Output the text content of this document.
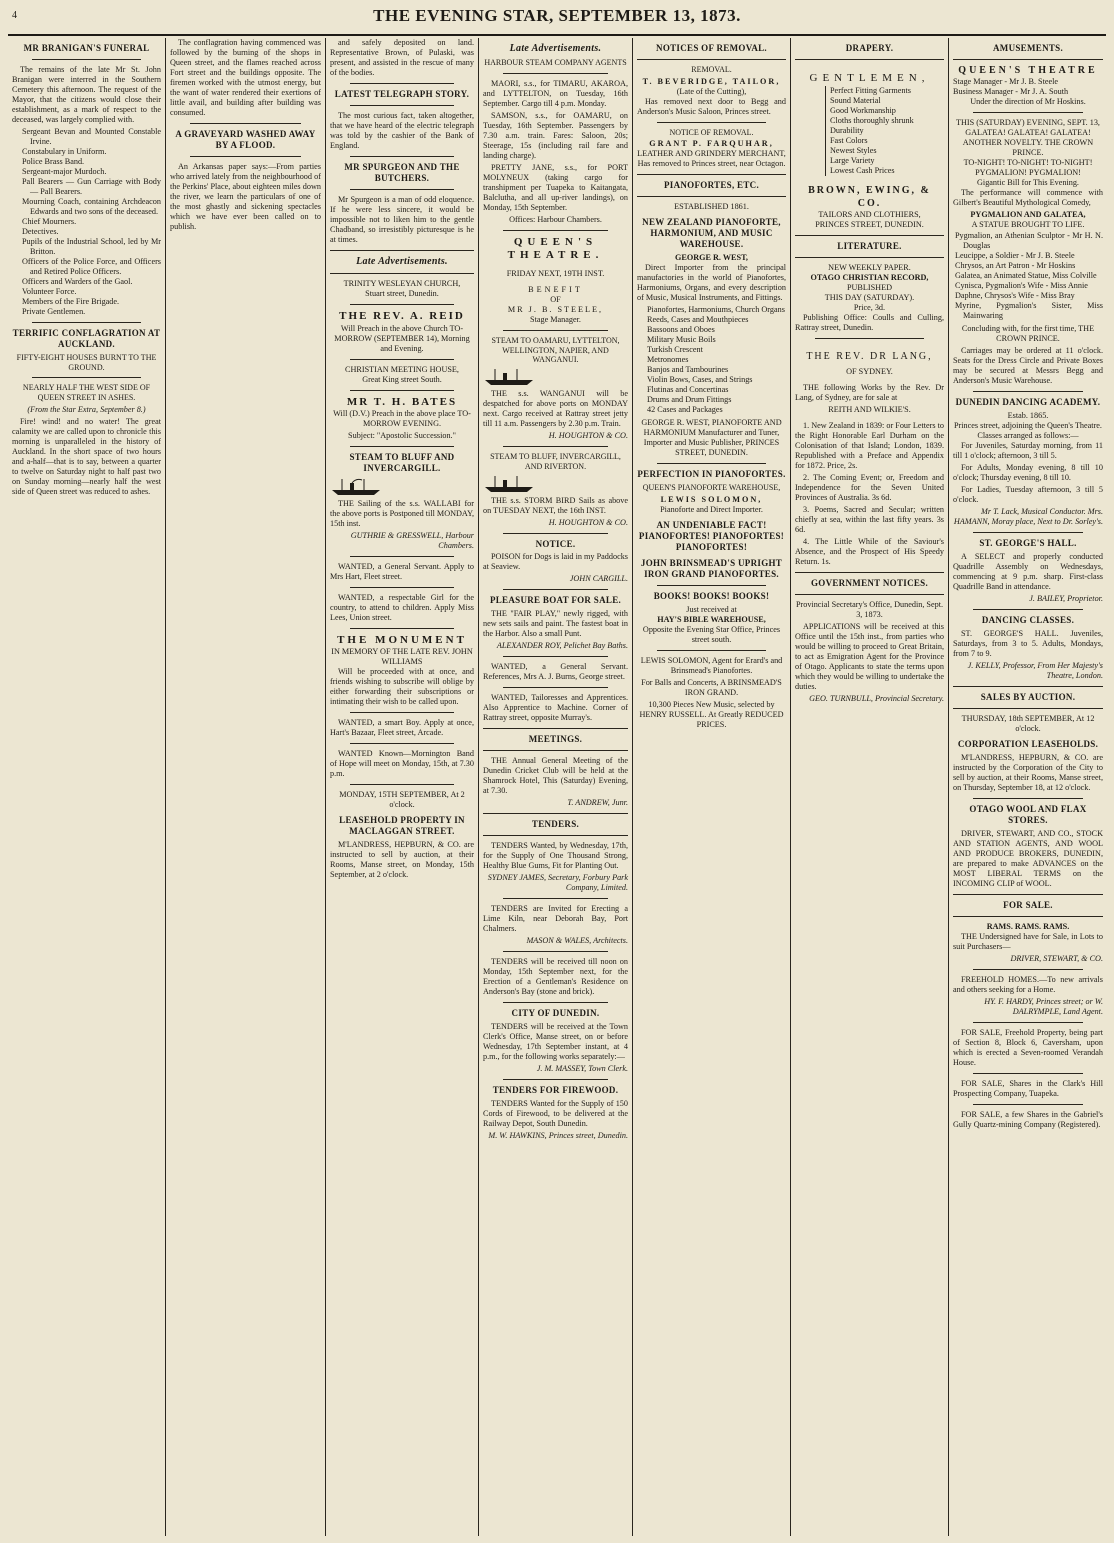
4	THE EVENING STAR, SEPTEMBER 13, 1873.
MR BRANIGAN'S FUNERAL

The remains of the late Mr St. John Branigan were interred in the Southern Cemetery this afternoon. The request of the Mayor, that the citizens would close their establishment, as a mark of respect to the deceased, was largely complied with.

Sergeant Bevan and Mounted Constable Irvine.
Constabulary in Uniform.
Police Brass Band.
Sergeant-major Murdoch.
Pall Bearers — Gun Carriage with Body — Pall Bearers.
Mourning Coach, containing Archdeacon Edwards and two sons of the deceased.
Chief Mourners.
Detectives.
Pupils of the Industrial School, led by Mr Britton.
Officers of the Police Force, and Officers and Retired Police Officers.
Officers and Warders of the Gaol.
Volunteer Force.
Members of the Fire Brigade.
Private Gentlemen.
TERRIFIC CONFLAGRATION AT AUCKLAND.
FIFTY-EIGHT HOUSES BURNT TO THE GROUND.
NEARLY HALF THE WEST SIDE OF QUEEN STREET IN ASHES.

(From the Star Extra, September 8.)

Fire! wind! and no water! The great calamity we are called upon to chronicle this morning is unparalleled in the history of Auckland. In the short space of two hours and a-half—that is to say, between a quarter to twelve on Saturday night to half past two on Sunday morning—nearly half the west side of Queen street was reduced to ashes.

The conflagration having commenced was followed by the burning of the shops in Queen street, and the flames reached across Fort street and the buildings opposite. The firemen worked with the utmost energy, but the want of water rendered their exertions of little avail, and building after building was consumed.

A GRAVEYARD WASHED AWAY BY A FLOOD.

An Arkansas paper says:—From parties who arrived lately from the neighbourhood of the Perkins' Place, about eighteen miles down the river, we learn the particulars of one of the most ghastly and sickening spectacles which we have ever been called on to publish.

and safely deposited on land. Representative Brown, of Pulaski, was present, and assisted in the rescue of many of the bodies.

LATEST TELEGRAPH STORY.

The most curious fact, taken altogether, that we have heard of the electric telegraph was told by the cashier of the Bank of England.

MR SPURGEON AND THE BUTCHERS.

Mr Spurgeon is a man of odd eloquence. If he were less sincere, it would be impossible not to liken him to the gentle Chadband, so irresistibly picturesque is he at times.

Late Advertisements.
TRINITY WESLEYAN CHURCH,
Stuart street, Dunedin.
THE REV. A. REID

Will Preach in the above Church TO-MORROW (SEPTEMBER 14), Morning and Evening.

CHRISTIAN MEETING HOUSE,
Great King street South.
MR T. H. BATES

Will (D.V.) Preach in the above place TO-MORROW EVENING.

Subject: "Apostolic Succession."

STEAM TO BLUFF AND INVERCARGILL.

THE Sailing of the s.s. WALLABI for the above ports is Postponed till MONDAY, 15th inst.

GUTHRIE & GRESSWELL, Harbour Chambers.

WANTED, a General Servant. Apply to Mrs Hart, Fleet street.

WANTED, a respectable Girl for the country, to attend to children. Apply Miss Lees, Union street.

THE MONUMENT
IN MEMORY OF THE LATE REV. JOHN WILLIAMS

Will be proceeded with at once, and friends wishing to subscribe will oblige by either forwarding their subscriptions or intimating their wish to be called upon.

WANTED, a smart Boy. Apply at once, Hart's Bazaar, Fleet street, Arcade.

WANTED Known—Mornington Band of Hope will meet on Monday, 15th, at 7.30 p.m.

MONDAY, 15TH SEPTEMBER, At 2 o'clock.
LEASEHOLD PROPERTY IN MACLAGGAN STREET.

M'LANDRESS, HEPBURN, & CO. are instructed to sell by auction, at their Rooms, Manse street, on Monday, 15th September, at 2 o'clock.

Late Advertisements.
HARBOUR STEAM COMPANY AGENTS

MAORI, s.s., for TIMARU, AKAROA, and LYTTELTON, on Tuesday, 16th September. Cargo till 4 p.m. Monday.

SAMSON, s.s., for OAMARU, on Tuesday, 16th September. Passengers by 7.30 a.m. train. Fares: Saloon, 20s; Steerage, 15s (including rail fare and landing charge).

PRETTY JANE, s.s., for PORT MOLYNEUX (taking cargo for transhipment per Tuapeka to Kaitangata, Balclutha, and all up-river landings), on Monday, 15th September.

Offices: Harbour Chambers.

QUEEN'S THEATRE.
FRIDAY NEXT, 19TH INST.
BENEFIT
OF
MR J. B. STEELE,
Stage Manager.
STEAM TO OAMARU, LYTTELTON, WELLINGTON, NAPIER, AND WANGANUI.

THE s.s. WANGANUI will be despatched for above ports on MONDAY next. Cargo received at Rattray street jetty till 11 a.m. Passengers by 2.30 p.m. Train.

H. HOUGHTON & CO.

STEAM TO BLUFF, INVERCARGILL, AND RIVERTON.

THE s.s. STORM BIRD Sails as above on TUESDAY NEXT, the 16th INST.

H. HOUGHTON & CO.

NOTICE.

POISON for Dogs is laid in my Paddocks at Seaview.

JOHN CARGILL.

PLEASURE BOAT FOR SALE.

THE "FAIR PLAY," newly rigged, with new sets sails and paint. The fastest boat in the Harbor. Also a small Punt.

ALEXANDER ROY, Pelichet Bay Baths.

WANTED, a General Servant. References, Mrs A. J. Burns, George street.

WANTED, Tailoresses and Apprentices. Also Apprentice to Machine. Corner of Rattray street, opposite Murray's.

MEETINGS.

THE Annual General Meeting of the Dunedin Cricket Club will be held at the Shamrock Hotel, This (Saturday) Evening, at 7.30.

T. ANDREW, Junr.

TENDERS.

TENDERS Wanted, by Wednesday, 17th, for the Supply of One Thousand Strong, Healthy Blue Gums, Fit for Planting Out.

SYDNEY JAMES, Secretary, Forbury Park Company, Limited.

TENDERS are Invited for Erecting a Lime Kiln, near Deborah Bay, Port Chalmers.

MASON & WALES, Architects.

TENDERS will be received till noon on Monday, 15th September next, for the Erection of a Gentleman's Residence on Anderson's Bay (stone and brick).

CITY OF DUNEDIN.

TENDERS will be received at the Town Clerk's Office, Manse street, on or before Wednesday, 17th September instant, at 4 p.m., for the following works separately:—

J. M. MASSEY, Town Clerk.

TENDERS FOR FIREWOOD.

TENDERS Wanted for the Supply of 150 Cords of Firewood, to be delivered at the Railway Depot, South Dunedin.

M. W. HAWKINS, Princes street, Dunedin.

NOTICES OF REMOVAL.
REMOVAL.
T. BEVERIDGE, TAILOR,
(Late of the Cutting),

Has removed next door to Begg and Anderson's Music Saloon, Princes street.

NOTICE OF REMOVAL.
GRANT P. FARQUHAR,
LEATHER AND GRINDERY MERCHANT,

Has removed to Princes street, near Octagon.

PIANOFORTES, ETC.
ESTABLISHED 1861.
NEW ZEALAND PIANOFORTE, HARMONIUM, AND MUSIC WAREHOUSE.
GEORGE R. WEST,

Direct Importer from the principal manufactories in the world of Pianofortes, Harmoniums, Organs, and every description of Music, Musical Instruments, and Fittings.

Pianofortes, Harmoniums, Church Organs
Reeds, Cases and Mouthpieces
Bassoons and Oboes
Military Music Boils
Turkish Crescent
Metronomes
Banjos and Tambourines
Violin Bows, Cases, and Strings
Flutinas and Concertinas
Drums and Drum Fittings
42 Cases and Packages

GEORGE R. WEST, PIANOFORTE AND HARMONIUM Manufacturer and Tuner, Importer and Music Publisher, PRINCES STREET, DUNEDIN.

PERFECTION IN PIANOFORTES.
QUEEN'S PIANOFORTE WAREHOUSE,
LEWIS SOLOMON,

Pianoforte and Direct Importer.

AN UNDENIABLE FACT! PIANOFORTES! PIANOFORTES! PIANOFORTES!
JOHN BRINSMEAD'S UPRIGHT IRON GRAND PIANOFORTES.
BOOKS! BOOKS! BOOKS!
Just received at
HAY'S BIBLE WAREHOUSE,

Opposite the Evening Star Office, Princes street south.

LEWIS SOLOMON, Agent for Erard's and Brinsmead's Pianofortes.

For Balls and Concerts, A BRINSMEAD'S IRON GRAND.

10,300 Pieces New Music, selected by HENRY RUSSELL. At Greatly REDUCED PRICES.

DRAPERY.
GENTLEMEN,
Perfect Fitting Garments
Sound Material
Good Workmanship
Cloths thoroughly shrunk
Durability
Fast Colors
Newest Styles
Large Variety
Lowest Cash Prices
BROWN, EWING, & CO.
TAILORS AND CLOTHIERS,
PRINCES STREET, DUNEDIN.
LITERATURE.
NEW WEEKLY PAPER.
OTAGO CHRISTIAN RECORD,
PUBLISHED
THIS DAY (SATURDAY).
Price, 3d.

Publishing Office: Coulls and Culling, Rattray street, Dunedin.

THE REV. DR LANG,
OF SYDNEY.

THE following Works by the Rev. Dr Lang, of Sydney, are for sale at

REITH AND WILKIE'S.

1. New Zealand in 1839: or Four Letters to the Right Honorable Earl Durham on the Colonisation of that Island; London, 1839. Republished with a Preface and Appendix for 1872. Price, 2s.

2. The Coming Event; or, Freedom and Independence for the Seven United Provinces of Australia. 3s 6d.

3. Poems, Sacred and Secular; written chiefly at sea, within the last fifty years. 3s 6d.

4. The Little While of the Saviour's Absence, and the Prospect of His Speedy Return. 1s.

GOVERNMENT NOTICES.

Provincial Secretary's Office, Dunedin, Sept. 3, 1873.

APPLICATIONS will be received at this Office until the 15th inst., from parties who would be willing to proceed to Great Britain, to act as Emigration Agent for the Province of Otago. Applicants to state the terms upon which they would be willing to undertake the duties.

GEO. TURNBULL, Provincial Secretary.

AMUSEMENTS.
QUEEN'S THEATRE
Stage Manager - Mr J. B. Steele
Business Manager - Mr J. A. South
Under the direction of Mr Hoskins.
THIS (SATURDAY) EVENING, SEPT. 13,
GALATEA! GALATEA! GALATEA!
ANOTHER NOVELTY. THE CROWN PRINCE.
TO-NIGHT! TO-NIGHT! TO-NIGHT!
PYGMALION! PYGMALION!
Gigantic Bill for This Evening.

The performance will commence with Gilbert's Beautiful Mythological Comedy,

PYGMALION AND GALATEA,
A STATUE BROUGHT TO LIFE.
Pygmalion, an Athenian Sculptor - Mr H. N. Douglas
Leucippe, a Soldier - Mr J. B. Steele
Chrysos, an Art Patron - Mr Hoskins
Galatea, an Animated Statue, Miss Colville
Cynisca, Pygmalion's Wife - Miss Annie
Daphne, Chrysos's Wife - Miss Bray
Myrine, Pygmalion's Sister, Miss Mainwaring

Concluding with, for the first time, THE CROWN PRINCE.

Carriages may be ordered at 11 o'clock. Seats for the Dress Circle and Private Boxes may be secured at Messrs Begg and Anderson's Music Warehouse.

DUNEDIN DANCING ACADEMY.
Estab. 1865.
Princes street, adjoining the Queen's Theatre.
Classes arranged as follows:—

For Juveniles, Saturday morning, from 11 till 1 o'clock; afternoon, 3 till 5.

For Adults, Monday evening, 8 till 10 o'clock; Thursday evening, 8 till 10.

For Ladies, Tuesday afternoon, 3 till 5 o'clock.

Mr T. Lack, Musical Conductor. Mrs. HAMANN, Moray place, Next to Dr. Sorley's.

ST. GEORGE'S HALL.

A SELECT and properly conducted Quadrille Assembly on Wednesdays, commencing at 9 p.m. sharp. First-class Quadrille Band in attendance.

J. BAILEY, Proprietor.

DANCING CLASSES.

ST. GEORGE'S HALL. Juveniles, Saturdays, from 3 to 5. Adults, Mondays, from 7 to 9.

J. KELLY, Professor, From Her Majesty's Theatre, London.

SALES BY AUCTION.
THURSDAY, 18th SEPTEMBER, At 12 o'clock.
CORPORATION LEASEHOLDS.

M'LANDRESS, HEPBURN, & CO. are instructed by the Corporation of the City to sell by auction, at their Rooms, Manse street, on Thursday, September 18, at 12 o'clock.

OTAGO WOOL AND FLAX STORES.

DRIVER, STEWART, AND CO., STOCK AND STATION AGENTS, AND WOOL AND PRODUCE BROKERS, DUNEDIN, are prepared to make ADVANCES on the MOST LIBERAL TERMS on the INCOMING CLIP of WOOL.

FOR SALE.
RAMS. RAMS. RAMS.

THE Undersigned have for Sale, in Lots to suit Purchasers—

DRIVER, STEWART, & CO.

FREEHOLD HOMES.—To new arrivals and others seeking for a Home.

HY. F. HARDY, Princes street; or W. DALRYMPLE, Land Agent.

FOR SALE, Freehold Property, being part of Section 8, Block 6, Caversham, upon which is erected a Seven-roomed Verandah House.

FOR SALE, Shares in the Clark's Hill Prospecting Company, Tuapeka.

FOR SALE, a few Shares in the Gabriel's Gully Quartz-mining Company (Registered).
